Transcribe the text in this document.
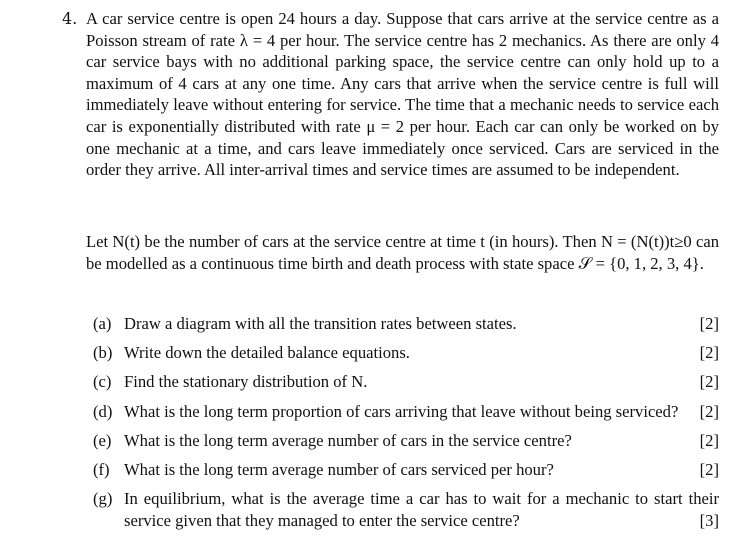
4. A car service centre is open 24 hours a day. Suppose that cars arrive at the service centre as a Poisson stream of rate λ = 4 per hour. The service centre has 2 mechanics. As there are only 4 car service bays with no additional parking space, the service centre can only hold up to a maximum of 4 cars at any one time. Any cars that arrive when the service centre is full will immediately leave without entering for service. The time that a mechanic needs to service each car is exponentially distributed with rate μ = 2 per hour. Each car can only be worked on by one mechanic at a time, and cars leave immediately once serviced. Cars are serviced in the order they arrive. All inter-arrival times and service times are assumed to be independent.

Let N(t) be the number of cars at the service centre at time t (in hours). Then N = (N(t))t≥0 can be modelled as a continuous time birth and death process with state space 𝒮 = {0, 1, 2, 3, 4}.

(a) Draw a diagram with all the transition rates between states.	[2]
(b) Write down the detailed balance equations.	[2]
(c) Find the stationary distribution of N.	[2]
(d) What is the long term proportion of cars arriving that leave without being serviced?	[2]
(e) What is the long term average number of cars in the service centre?	[2]
(f) What is the long term average number of cars serviced per hour?	[2]
(g) In equilibrium, what is the average time a car has to wait for a mechanic to start their service given that they managed to enter the service centre?	[3]
